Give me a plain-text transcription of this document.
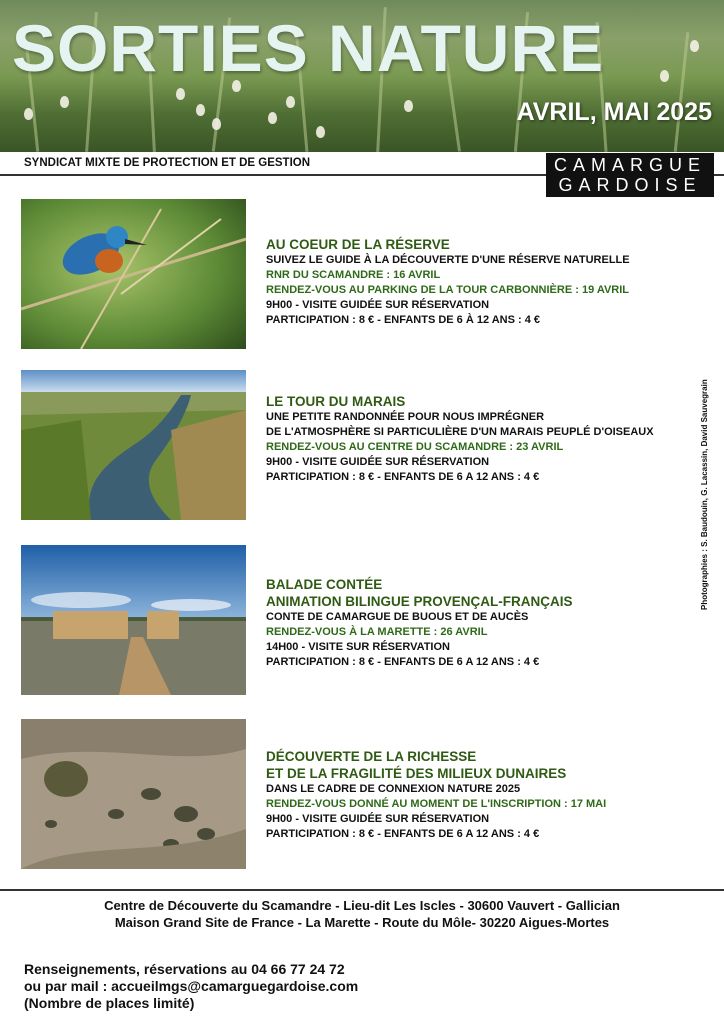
SORTIES NATURE
AVRIL, MAI 2025
SYNDICAT MIXTE DE PROTECTION ET DE GESTION	CAMARGUE
GARDOISE
AU COEUR DE LA RÉSERVE
SUIVEZ LE GUIDE À LA DÉCOUVERTE D'UNE RÉSERVE NATURELLE
RNR DU SCAMANDRE : 16 AVRIL
RENDEZ-VOUS AU PARKING DE LA TOUR CARBONNIÈRE : 19 AVRIL
9H00 - VISITE GUIDÉE SUR RÉSERVATION
PARTICIPATION : 8 € - ENFANTS DE 6 À 12 ANS : 4 €
LE TOUR DU MARAIS
UNE PETITE RANDONNÉE POUR NOUS IMPRÉGNER
DE L'ATMOSPHÈRE SI PARTICULIÈRE D'UN MARAIS PEUPLÉ D'OISEAUX
RENDEZ-VOUS AU CENTRE DU SCAMANDRE : 23 AVRIL
9H00 - VISITE GUIDÉE SUR RÉSERVATION
PARTICIPATION : 8 € - ENFANTS DE 6 A 12 ANS : 4 €
BALADE CONTÉE
ANIMATION BILINGUE PROVENÇAL-FRANÇAIS
CONTE DE CAMARGUE DE BUOUS ET DE AUCÈS
RENDEZ-VOUS À LA MARETTE : 26 AVRIL
14H00 - VISITE SUR RÉSERVATION
PARTICIPATION : 8 € - ENFANTS DE 6 A 12 ANS : 4 €
DÉCOUVERTE DE LA RICHESSE
ET DE LA FRAGILITÉ DES MILIEUX DUNAIRES
DANS LE CADRE DE CONNEXION NATURE 2025
RENDEZ-VOUS DONNÉ AU MOMENT DE L'INSCRIPTION : 17 MAI
9H00 - VISITE GUIDÉE SUR RÉSERVATION
PARTICIPATION : 8 € - ENFANTS DE 6 A 12 ANS : 4 €
Photographies : S. Baudouin, G. Lacassin, David Sauvegrain
Centre de Découverte du Scamandre - Lieu-dit Les Iscles - 30600 Vauvert - Gallician
Maison Grand Site de France - La Marette - Route du Môle- 30220 Aigues-Mortes
Renseignements, réservations au 04 66 77 24 72
ou par mail : accueilmgs@camarguegardoise.com
(Nombre de places limité)
